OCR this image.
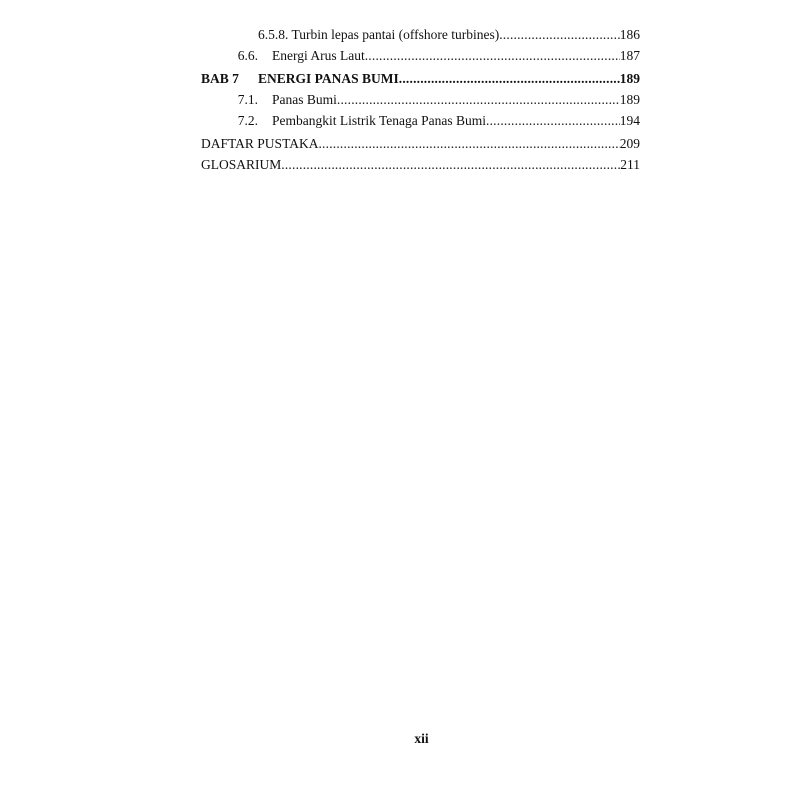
6.5.8. Turbin lepas pantai (offshore turbines) .....	186
6.6. Energi Arus Laut .....	187
BAB 7	ENERGI PANAS BUMI .....	189
7.1. Panas Bumi .....	189
7.2. Pembangkit Listrik Tenaga Panas Bumi .....	194
DAFTAR PUSTAKA .....	209
GLOSARIUM .....	211
xii
